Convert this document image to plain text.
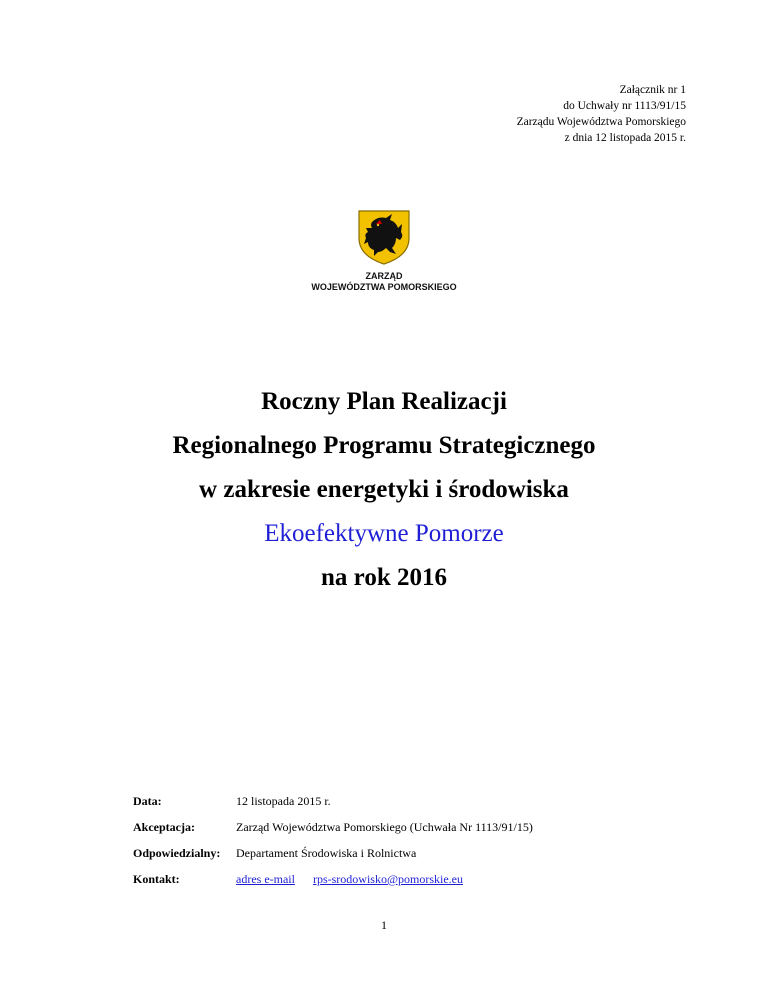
Załącznik nr 1
do Uchwały nr 1113/91/15
Zarządu Województwa Pomorskiego
z dnia 12 listopada 2015 r.
ZARZĄD
WOJEWÓDZTWA POMORSKIEGO
Roczny Plan Realizacji
Regionalnego Programu Strategicznego
w zakresie energetyki i środowiska
Ekoefektywne Pomorze
na rok 2016
Data:	12 listopada 2015 r.
Akceptacja:	Zarząd Województwa Pomorskiego (Uchwała Nr 1113/91/15)
Odpowiedzialny: Departament Środowiska i Rolnictwa
Kontakt:	adres e-mail rps-srodowisko@pomorskie.eu
1
